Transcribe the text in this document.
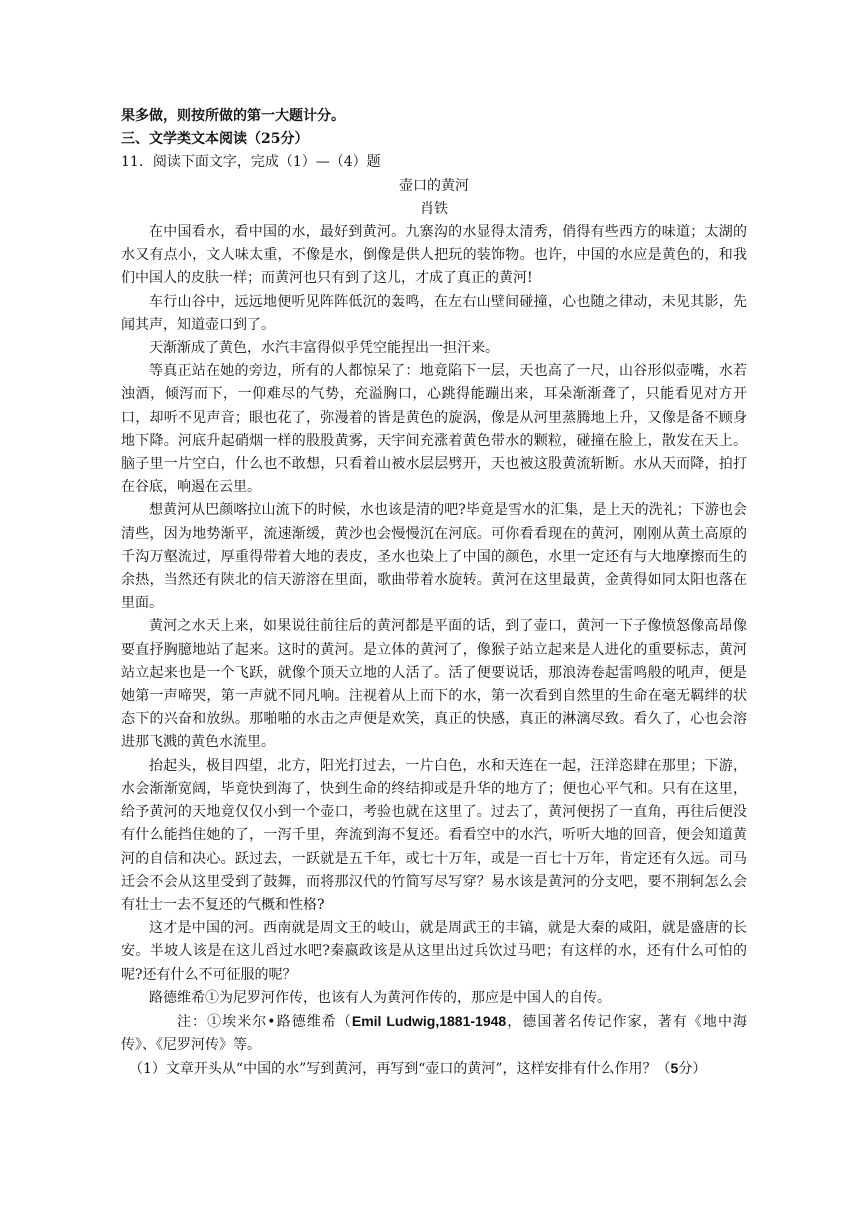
果多做，则按所做的第一大题计分。

三、文学类文本阅读（25分）

11．阅读下面文字，完成（1）—（4）题

壶口的黄河

肖铁

在中国看水，看中国的水，最好到黄河。九寨沟的水显得太清秀，俏得有些西方的味道；太湖的水又有点小，文人味太重，不像是水，倒像是供人把玩的装饰物。也许，中国的水应是黄色的，和我们中国人的皮肤一样；而黄河也只有到了这儿，才成了真正的黄河!

车行山谷中，远远地便听见阵阵低沉的轰鸣，在左右山壁间碰撞，心也随之律动，未见其影，先闻其声，知道壶口到了。

天渐渐成了黄色，水汽丰富得似乎凭空能捏出一担汗来。

等真正站在她的旁边，所有的人都惊呆了：地竟陷下一层，天也高了一尺，山谷形似壶嘴，水若浊酒，倾泻而下，一仰难尽的气势，充溢胸口，心跳得能蹦出来，耳朵渐渐聋了，只能看见对方开口，却听不见声音；眼也花了，弥漫着的皆是黄色的旋涡，像是从河里蒸腾地上升，又像是备不顾身地下降。河底升起硝烟一样的股股黄雾，天宇间充涨着黄色带水的颗粒，碰撞在脸上，散发在天上。脑子里一片空白，什么也不敢想，只看着山被水层层劈开，天也被这股黄流斩断。水从天而降，拍打在谷底，响遏在云里。

想黄河从巴颜喀拉山流下的时候，水也该是清的吧?毕竟是雪水的汇集，是上天的洗礼；下游也会清些，因为地势渐平，流速渐缓，黄沙也会慢慢沉在河底。可你看看现在的黄河，刚刚从黄土高原的千沟万壑流过，厚重得带着大地的表皮，圣水也染上了中国的颜色，水里一定还有与大地摩擦而生的余热，当然还有陕北的信天游溶在里面，歌曲带着水旋转。黄河在这里最黄，金黄得如同太阳也落在里面。

黄河之水天上来，如果说往前往后的黄河都是平面的话，到了壶口，黄河一下子像愤怒像高昂像要直抒胸臆地站了起来。这时的黄河。是立体的黄河了，像猴子站立起来是人进化的重要标志，黄河站立起来也是一个飞跃，就像个顶天立地的人活了。活了便要说话，那浪涛卷起雷鸣般的吼声，便是她第一声啼哭，第一声就不同凡响。注视着从上而下的水，第一次看到自然里的生命在毫无羁绊的状态下的兴奋和放纵。那啪啪的水击之声便是欢笑，真正的快感，真正的淋漓尽致。看久了，心也会溶进那飞溅的黄色水流里。

抬起头，极目四望，北方，阳光打过去，一片白色，水和天连在一起，汪洋恣肆在那里；下游，水会渐渐宽阔，毕竟快到海了，快到生命的终结抑或是升华的地方了；便也心平气和。只有在这里，给予黄河的天地竟仅仅小到一个壶口，考验也就在这里了。过去了，黄河便拐了一直角，再往后便没有什么能挡住她的了，一泻千里，奔流到海不复还。看看空中的水汽，听听大地的回音，便会知道黄河的自信和决心。跃过去，一跃就是五千年，或七十万年，或是一百七十万年，肯定还有久远。司马迁会不会从这里受到了鼓舞，而将那汉代的竹简写尽写穿？易水该是黄河的分支吧，要不荆轲怎么会有壮士一去不复还的气概和性格?

这才是中国的河。西南就是周文王的岐山，就是周武王的丰镐，就是大秦的咸阳，就是盛唐的长安。半坡人该是在这儿舀过水吧?秦嬴政该是从这里出过兵饮过马吧；有这样的水，还有什么可怕的呢?还有什么不可征服的呢？

路德维希①为尼罗河作传，也该有人为黄河作传的，那应是中国人的自传。

注：①埃米尔•路德维希（Emil Ludwig,1881-1948，德国著名传记作家，著有《地中海传》、《尼罗河传》等。

（1）文章开头从“中国的水”写到黄河，再写到“壶口的黄河”，这样安排有什么作用？（5分）
